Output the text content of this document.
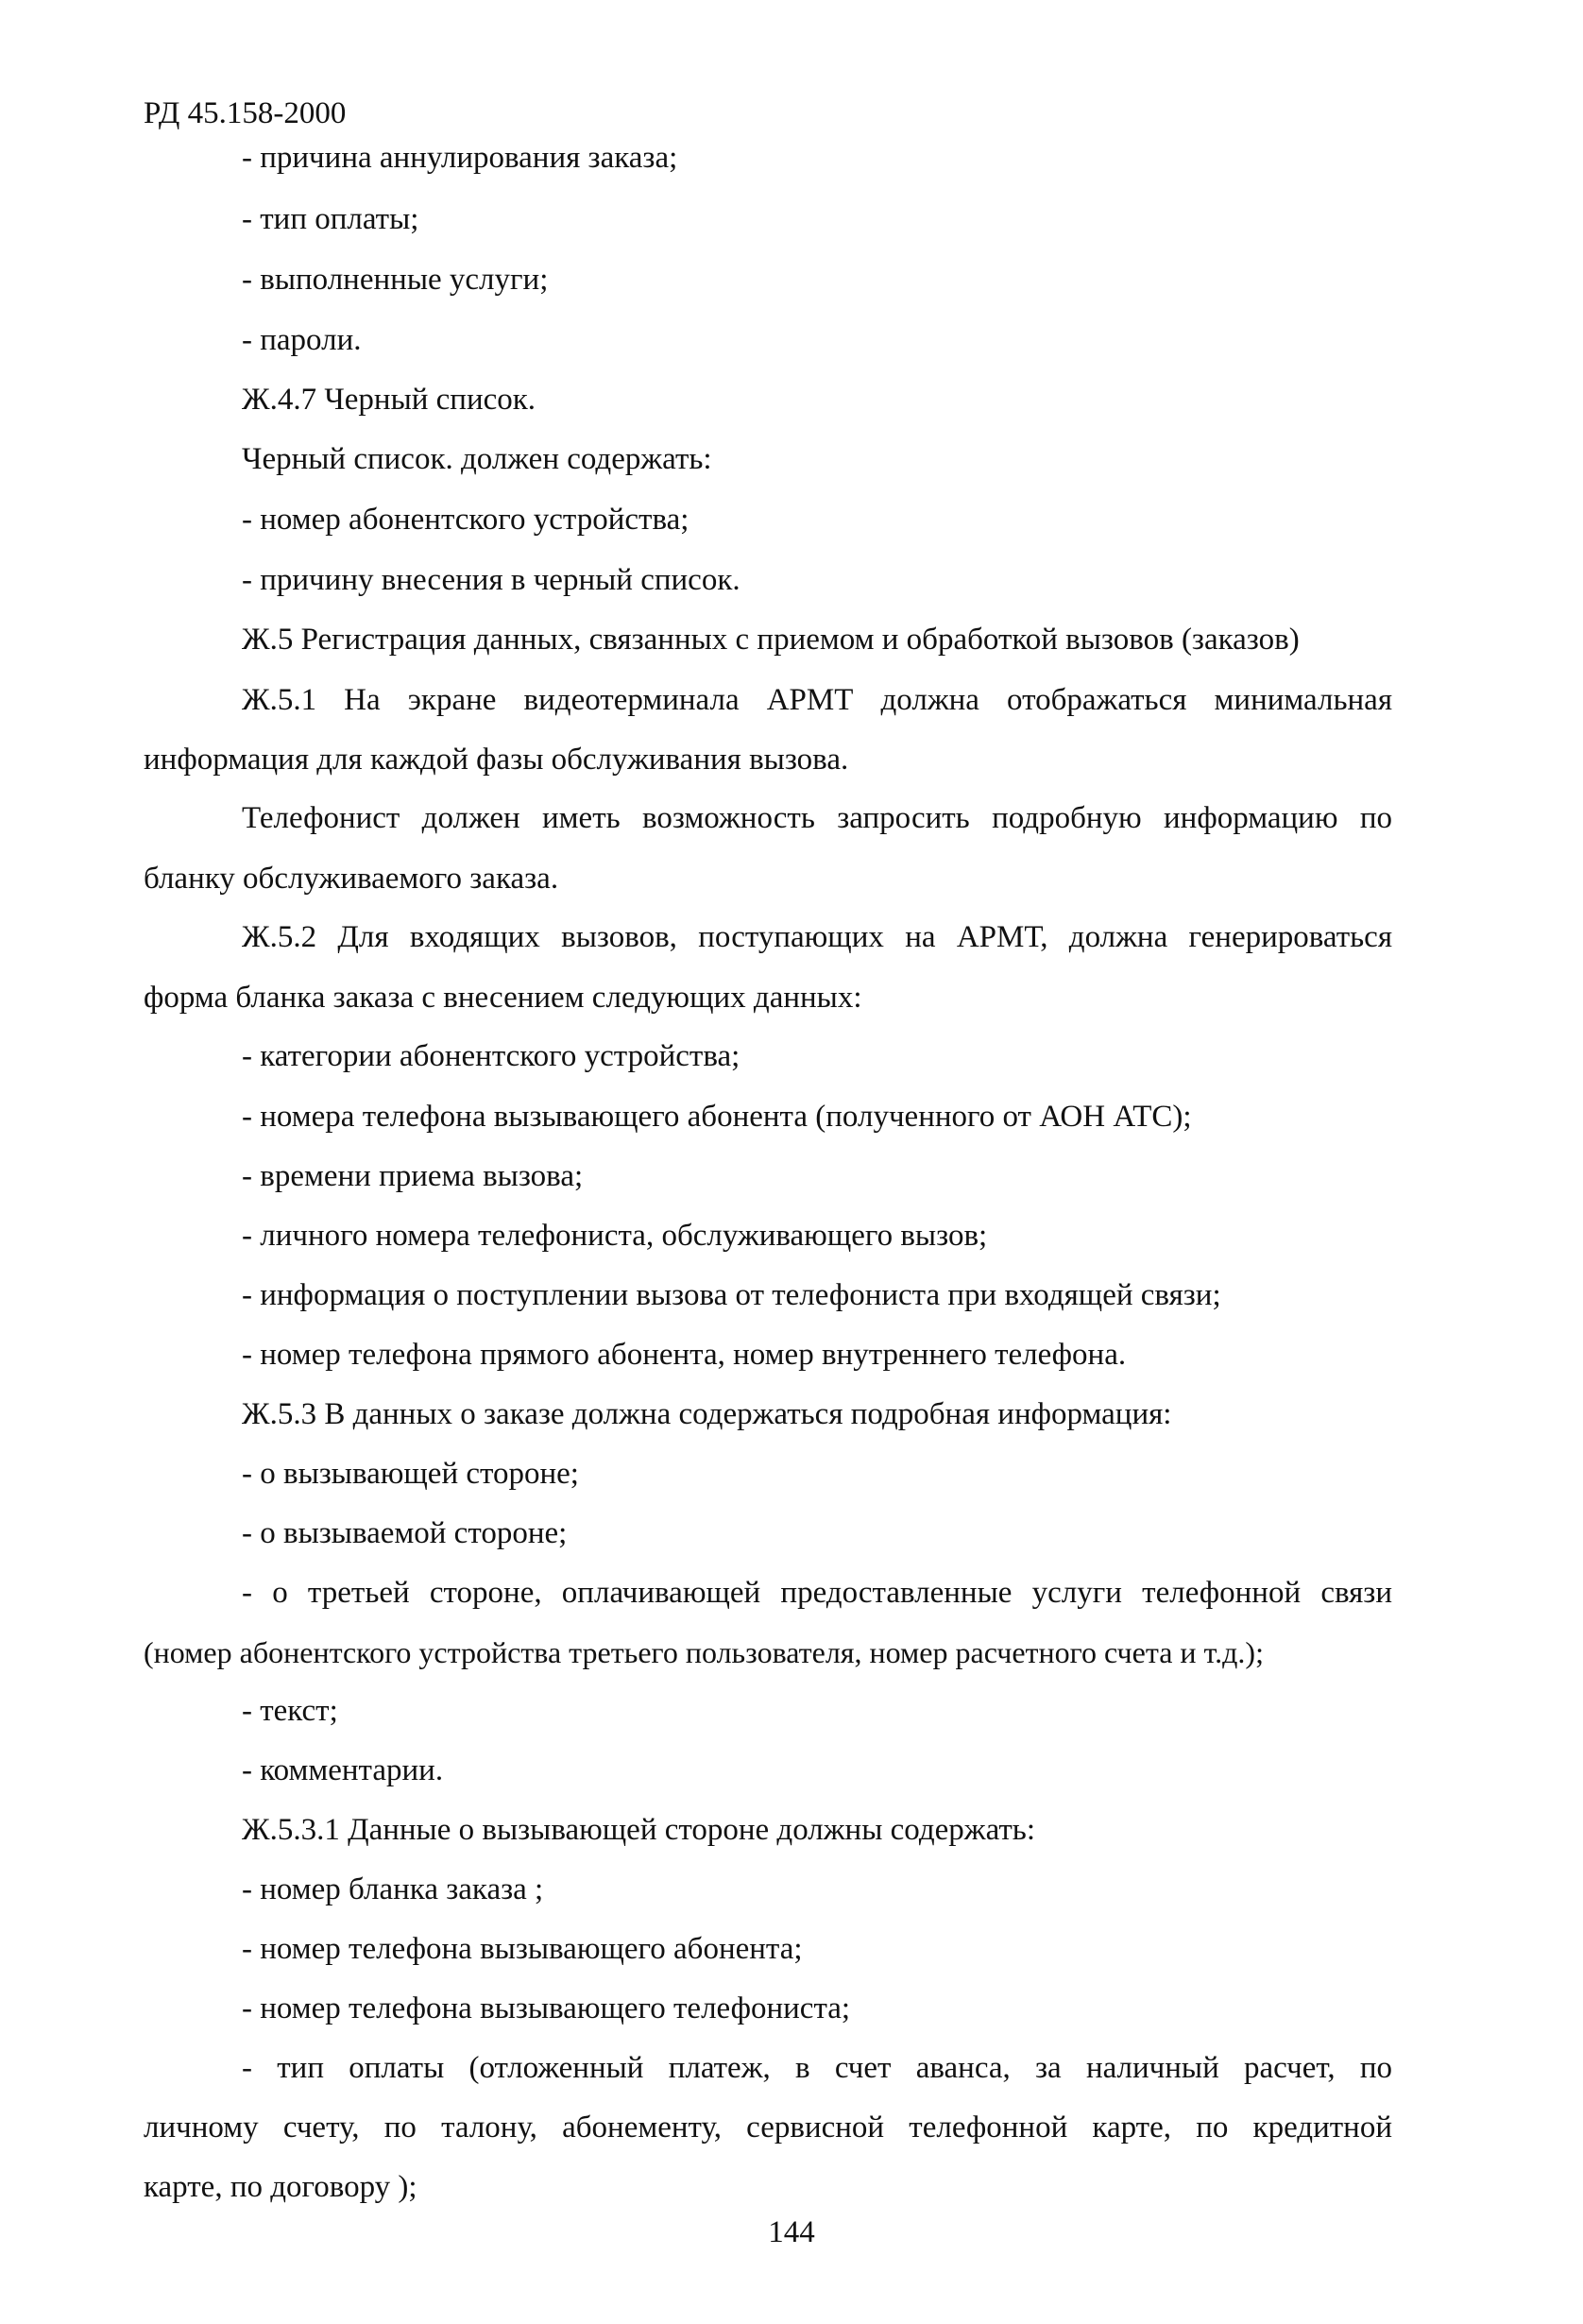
РД 45.158-2000
- причина аннулирования заказа;
- тип оплаты;
- выполненные услуги;
- пароли.
Ж.4.7 Черный список.
Черный список. должен содержать:
- номер абонентского устройства;
- причину внесения в черный список.
Ж.5 Регистрация данных, связанных с приемом и обработкой вызовов (заказов)
Ж.5.1 На экране видеотерминала АРМТ должна отображаться минимальная
информация для каждой фазы обслуживания вызова.
Телефонист должен иметь возможность запросить подробную информацию по
бланку обслуживаемого заказа.
Ж.5.2 Для входящих вызовов, поступающих на АРМТ, должна генерироваться
форма бланка заказа с внесением следующих данных:
- категории абонентского устройства;
- номера телефона вызывающего абонента (полученного от АОН АТС);
- времени приема вызова;
- личного номера телефониста, обслуживающего вызов;
- информация о поступлении вызова от телефониста при входящей связи;
- номер телефона прямого абонента, номер внутреннего телефона.
Ж.5.3 В данных о заказе должна содержаться подробная информация:
- о вызывающей стороне;
- о вызываемой стороне;
- о третьей стороне, оплачивающей предоставленные услуги телефонной связи
(номер абонентского устройства третьего пользователя, номер расчетного счета и т.д.);
- текст;
- комментарии.
Ж.5.3.1 Данные о вызывающей стороне должны содержать:
- номер бланка заказа ;
- номер телефона вызывающего абонента;
- номер телефона вызывающего телефониста;
- тип оплаты (отложенный платеж, в счет аванса, за наличный расчет, по
личному счету, по талону, абонементу, сервисной телефонной карте, по кредитной
карте, по договору );
144
